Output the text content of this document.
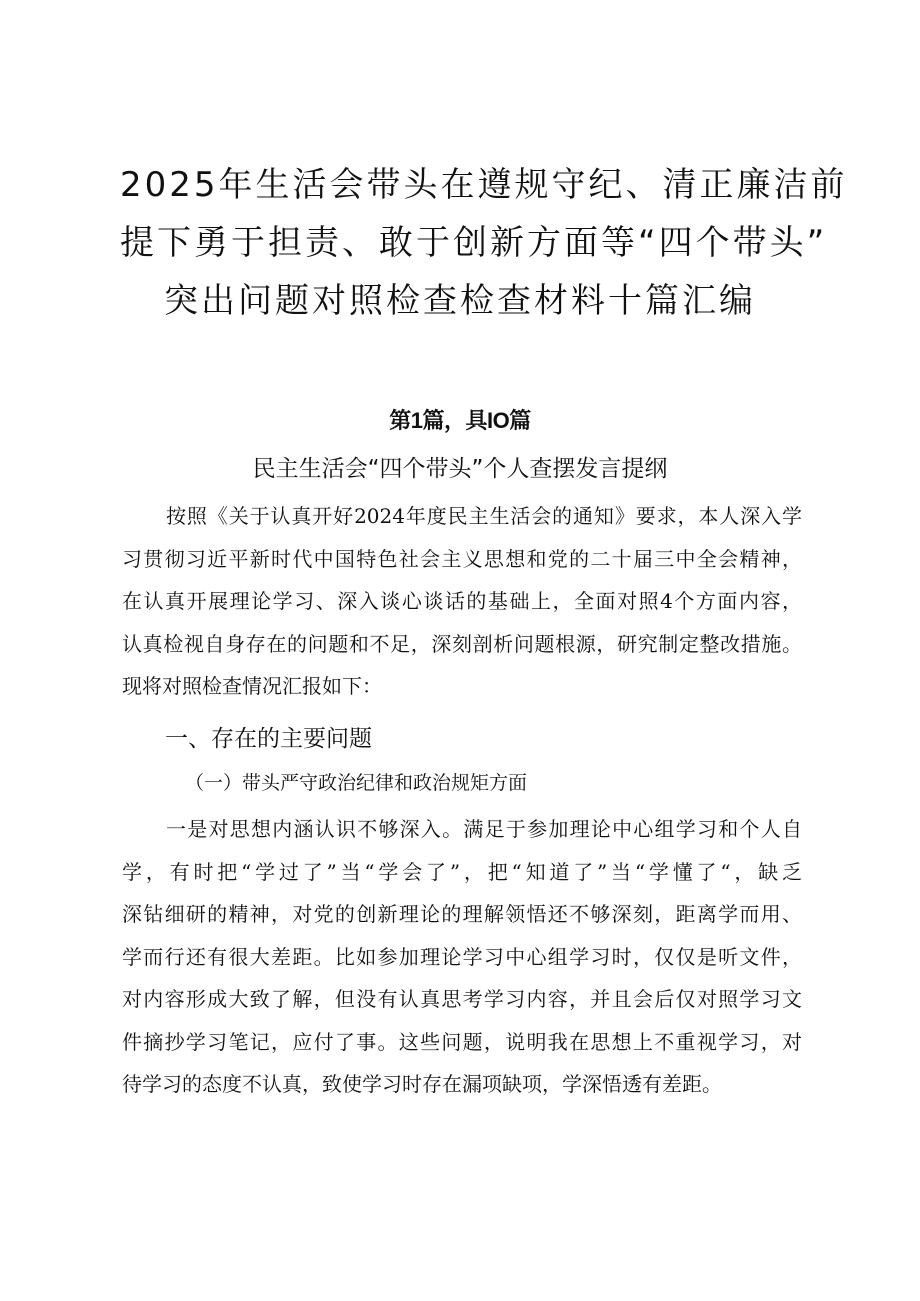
2025年生活会带头在遵规守纪、清正廉洁前
提下勇于担责、敢于创新方面等“四个带头”
突出问题对照检查检查材料十篇汇编
第1篇，具IO篇
民主生活会“四个带头”个人查摆发言提纲
按照《关于认真开好2024年度民主生活会的通知》要求，本人深入学
习贯彻习近平新时代中国特色社会主义思想和党的二十届三中全会精神，
在认真开展理论学习、深入谈心谈话的基础上，全面对照4个方面内容，
认真检视自身存在的问题和不足，深刻剖析问题根源，研究制定整改措施。
现将对照检查情况汇报如下：
一、存在的主要问题
（一）带头严守政治纪律和政治规矩方面
一是对思想内涵认识不够深入。满足于参加理论中心组学习和个人自
学，有时把“学过了”当“学会了”，把“知道了”当“学懂了“，缺乏
深钻细研的精神，对党的创新理论的理解领悟还不够深刻，距离学而用、
学而行还有很大差距。比如参加理论学习中心组学习时，仅仅是听文件，
对内容形成大致了解，但没有认真思考学习内容，并且会后仅对照学习文
件摘抄学习笔记，应付了事。这些问题，说明我在思想上不重视学习，对
待学习的态度不认真，致使学习时存在漏项缺项，学深悟透有差距。
